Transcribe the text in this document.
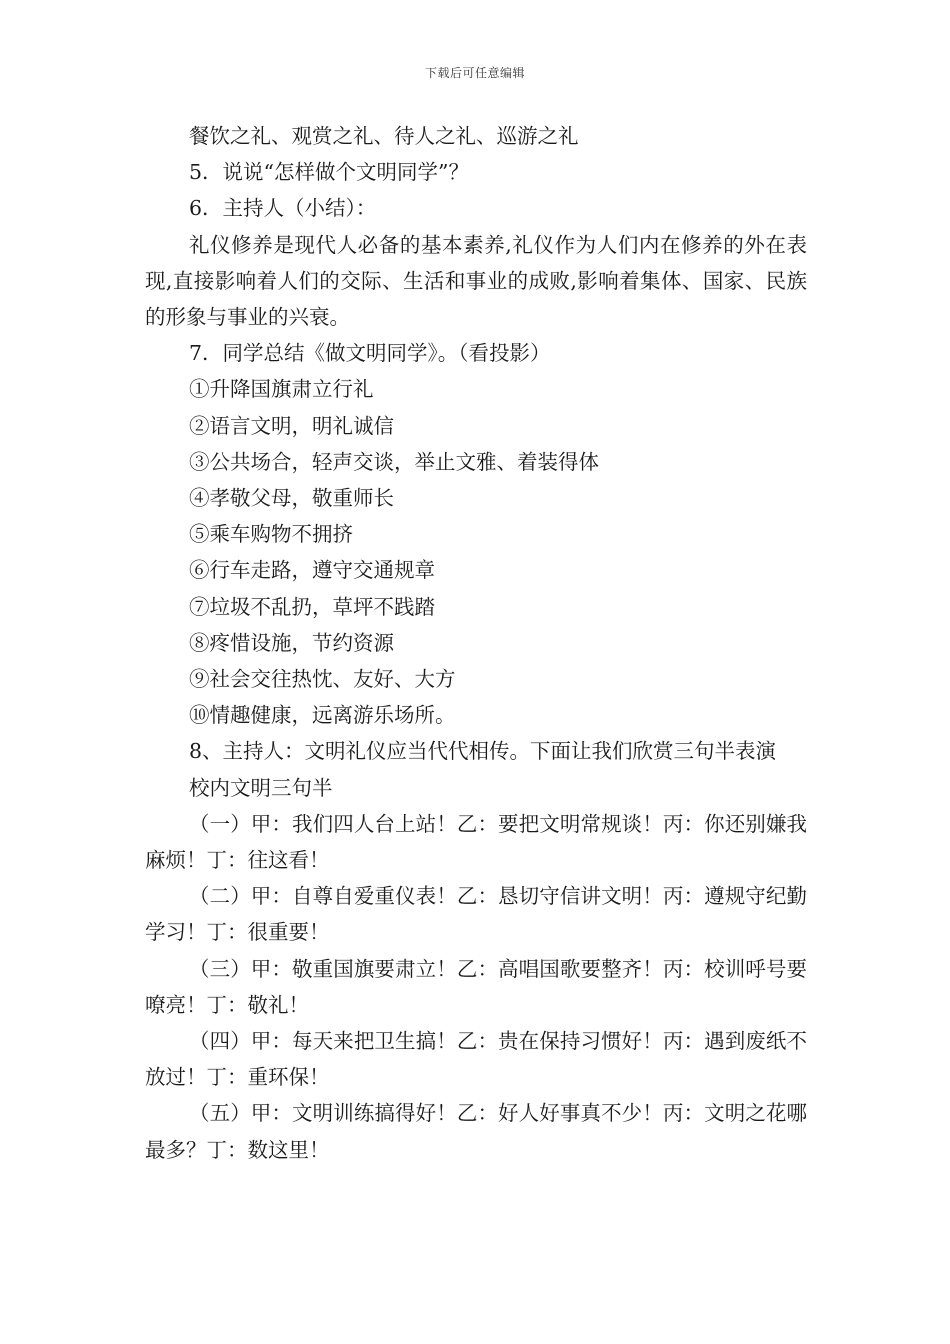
下载后可任意编辑

餐饮之礼、观赏之礼、待人之礼、巡游之礼

5．说说“怎样做个文明同学”？

6．主持人（小结）：

礼仪修养是现代人必备的基本素养,礼仪作为人们内在修养的外在表现,直接影响着人们的交际、生活和事业的成败,影响着集体、国家、民族的形象与事业的兴衰。

7．同学总结《做文明同学》。（看投影）

①升降国旗肃立行礼

②语言文明，明礼诚信

③公共场合，轻声交谈，举止文雅、着装得体

④孝敬父母，敬重师长

⑤乘车购物不拥挤

⑥行车走路，遵守交通规章

⑦垃圾不乱扔，草坪不践踏

⑧疼惜设施，节约资源

⑨社会交往热忱、友好、大方

⑩情趣健康，远离游乐场所。

8、主持人：文明礼仪应当代代相传。下面让我们欣赏三句半表演

校内文明三句半

（一）甲：我们四人台上站！乙：要把文明常规谈！丙：你还别嫌我麻烦！丁：往这看！

（二）甲：自尊自爱重仪表！乙：恳切守信讲文明！丙：遵规守纪勤学习！丁：很重要！

（三）甲：敬重国旗要肃立！乙：高唱国歌要整齐！丙：校训呼号要嘹亮！丁：敬礼！

（四）甲：每天来把卫生搞！乙：贵在保持习惯好！丙：遇到废纸不放过！丁：重环保！

（五）甲：文明训练搞得好！乙：好人好事真不少！丙：文明之花哪最多？丁：数这里！
